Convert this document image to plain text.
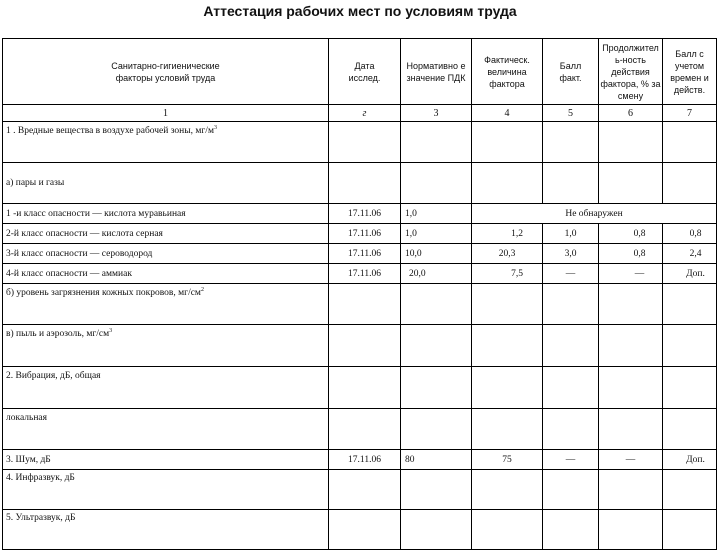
Аттестация рабочих мест по условиям труда
Санитарно-гигиенические факторы условий труда	Дата исслед.	Нормативно е значение ПДК	Фактическ. величина фактора	Балл факт.	Продолжител ь-ность действия фактора, % за смену	Балл с учетом времен и действ.
1	г	3	4	5	6	7
1 . Вредные вещества в воздухе рабочей зоны, $мг/м^3$						
а) пары и газы						
1 -и класс опасности — кислота муравьиная	17.11.06	1,0	Не обнаружен			
2-й класс опасности — кислота серная	17.11.06	1,0	1,2	1,0	0,8	0,8
3-й класс опасности — сероводород	17.11.06	10,0	20,3	3,0	0,8	2,4
4-й класс опасности — аммиак	17.11.06	20,0	7,5	—	—	Доп.
б) уровень загрязнения кожных покровов, $мг/см^2$						
в) пыль и аэрозоль, $мг/см^3$						
2. Вибрация, дБ, общая						
локальная						
3. Шум, дБ	17.11.06	80	75	—	—	Доп.
4. Инфразвук, дБ						
5. Ультразвук, дБ						
